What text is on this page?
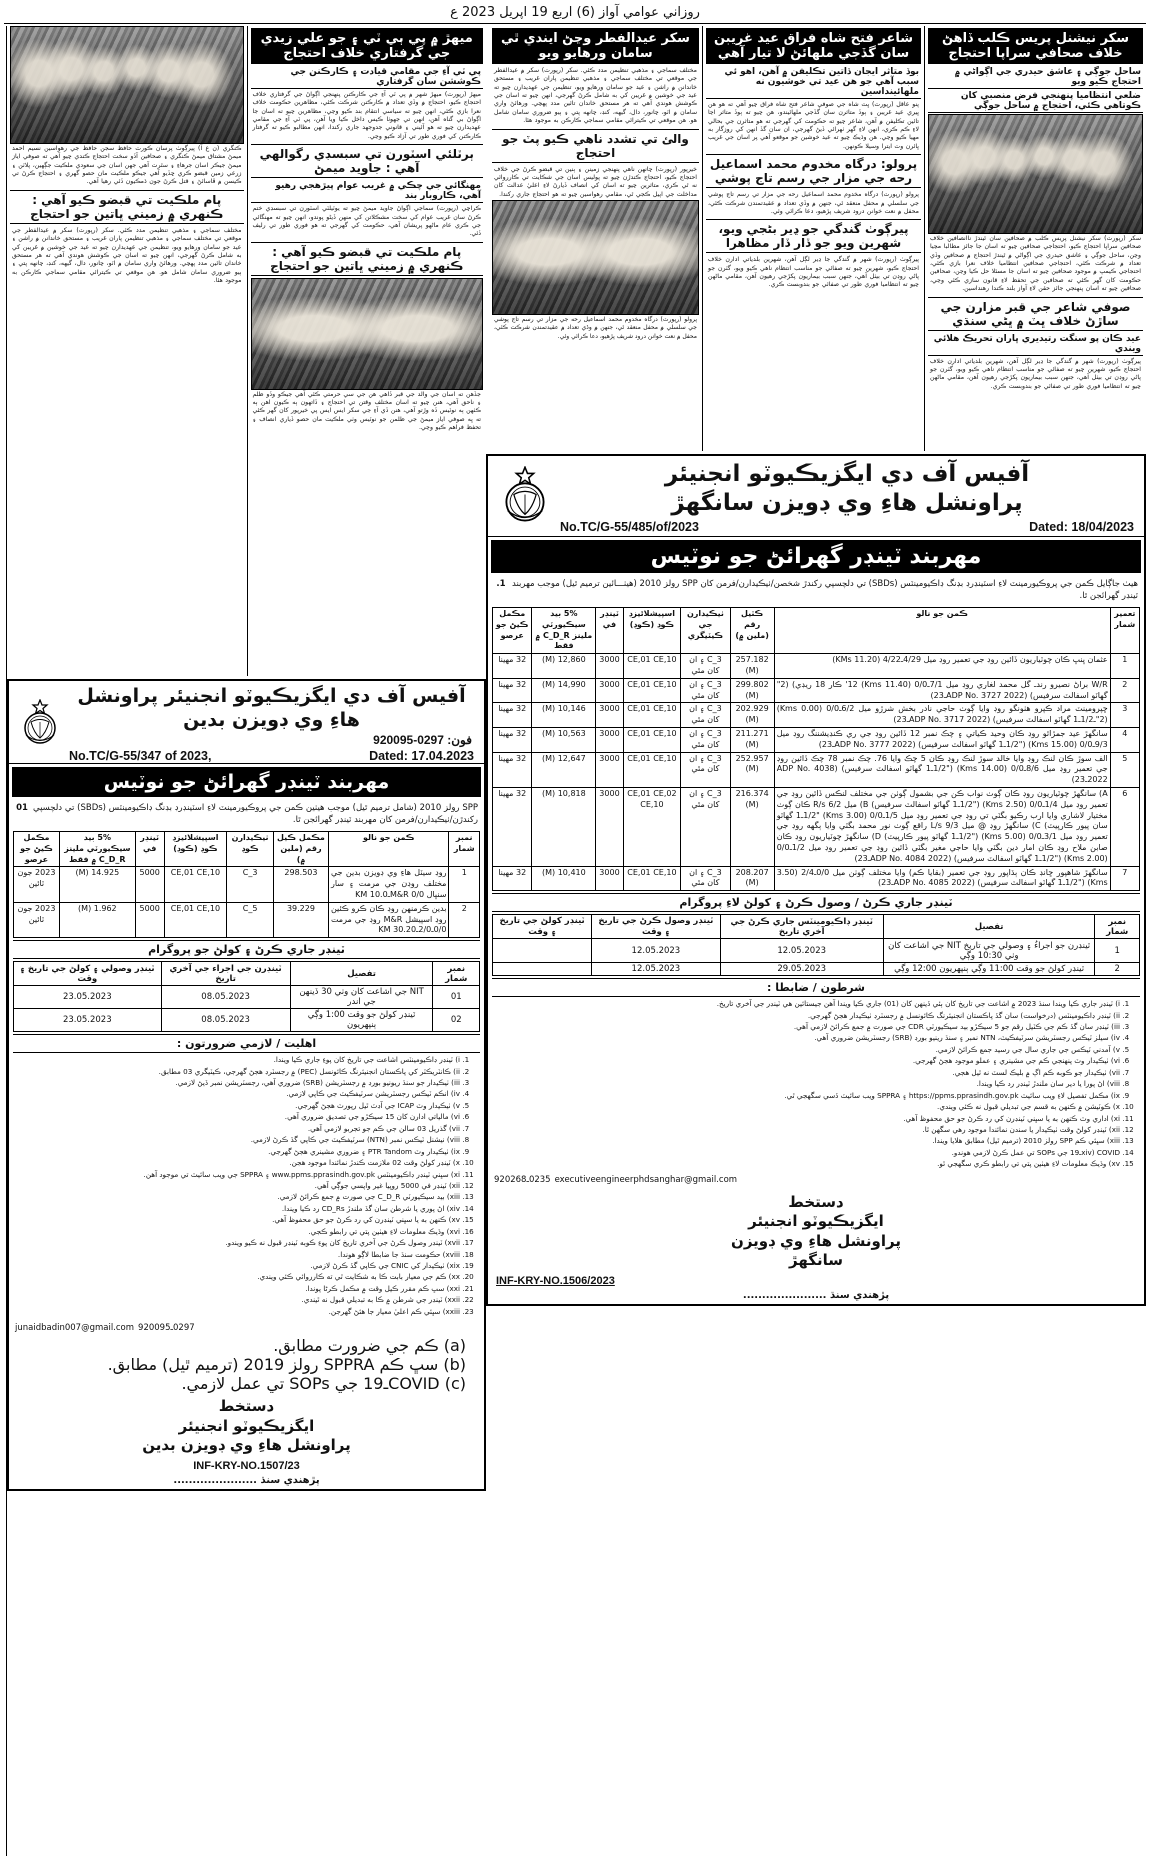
روزاني عوامي آواز (6) اربع 19 اپريل 2023 ع
سکر نيشنل پريس ڪلب ڏاهڻ خلاف صحافي سراپا احتجاج
ساحل جوڳي ۽ عاشق حيدري جي اڳواڻي ۾ احتجاج ڪيو ويو
ضلعي انتظاميا پنهنجي فرض منصبي کان ڪوتاهي ڪئي، احتجاج ۾ ساحل جوڳي
سکر (رپورٽ) سکر نيشنل پريس ڪلب ۾ صحافين سان ٿيندڙ ناانصافين خلاف صحافين سراپا احتجاج ڪيو، احتجاجي صحافين چيو ته اسان جا جائز مطالبا مڃيا وڃن، ساحل جوڳي ۽ عاشق حيدري جي اڳواڻي ۾ ٿيندڙ احتجاج ۾ صحافين وڏي تعداد ۾ شرڪت ڪئي، احتجاجي صحافين انتظاميا خلاف نعرا بازي ڪئي، احتجاجي ڪيمپ ۾ موجود صحافين چيو ته اسان جا مسئلا حل ڪيا وڃن، صحافين حڪومت کان گهر ڪئي ته صحافين جي تحفظ لاءِ قانون سازي ڪئي وڃي، صحافين چيو ته اسان پنهنجي جائز حقن لاءِ آواز بلند ڪندا رهنداسين.
صوفي شاعر جي قبر مزارن جي ساڙڻ خلاف ڀٽ ۾ ڀڻي سنڌي
عيد ڪان پو سنگت رتيديري ڀاران تحريڪ هلائي ويندي
پيرڳوٺ (رپورٽ) شهر ۾ گندگي جا ڍير لڳل آهن، شهرين بلدياتي ادارن خلاف احتجاج ڪيو، شهرين چيو ته صفائي جو مناسب انتظام ناهي ڪيو ويو، گٽرن جو پاڻي روڊن تي بيٺل آهي، جنهن سبب بيماريون پکڙجي رهيون آهن، مقامي ماڻهن چيو ته انتظاميا فوري طور تي صفائي جو بندوبست ڪري.
شاعر فتح شاه فراق عيد غريبن سان گڏجي ملهائڻ لا تيار آهي
بوڏ متاثر ايجان ڏاتين تڪليفن ۾ آهن، اهو ئي سبب آهي جو هن عيد تي خوشيون نه ملهائينداسين
پنو عاقل (رپورٽ) ڀٽ شاه جي صوفي شاعر فتح شاه فراق چيو آهي ته هو هن ڀيري عيد غريبن ۽ ٻوڏ متاثرن سان گڏجي ملهائيندو، هن چيو ته ٻوڏ متاثر اڃا تائين تڪليفن ۾ آهن، شاعر چيو ته حڪومت کي گهرجي ته هو متاثرن جي بحالي لاءِ ڪم ڪري، انهن لاءِ گهر ٺهرائي ڏيڻ گهرجي، ان سان گڏ انهن کي روزگار به مهيا ڪيو وڃي. هن وڌيڪ چيو ته عيد خوشين جو موقعو آهي پر اسان جي غريب ڀائرن وٽ ايترا وسيلا ڪونهن.
پرولو: درگاه مخدوم محمد اسماعيل رحه جي مزار جي رسم تاج پوشي
پرولو (رپورٽ) درگاه مخدوم محمد اسماعيل رحه جي مزار تي رسم تاج پوشي جي سلسلي ۾ محفل منعقد ٿي، جنهن ۾ وڏي تعداد ۾ عقيدتمندن شرڪت ڪئي، محفل ۾ نعت خوانن درود شريف پڙهيو، دعا ڪرائي وئي.
پيرڳوٺ گندگي جو ڍير بڻجي ويو، شهرين ويو جو ڏار ڏار مظاهرا
پيرڳوٺ (رپورٽ) شهر ۾ گندگي جا ڍير لڳل آهن، شهرين بلدياتي ادارن خلاف احتجاج ڪيو، شهرين چيو ته صفائي جو مناسب انتظام ناهي ڪيو ويو، گٽرن جو پاڻي روڊن تي بيٺل آهي، جنهن سبب بيماريون پکڙجي رهيون آهن، مقامي ماڻهن چيو ته انتظاميا فوري طور تي صفائي جو بندوبست ڪري.
سکر عيدالفطر وڃڻ ايندي ٿي سامان ورهايو ويو
مختلف سماجي ۽ مذهبي تنظيمن مدد ڪئي. سکر (رپورٽ) سکر ۾ عيدالفطر جي موقعي تي مختلف سماجي ۽ مذهبي تنظيمن پاران غريب ۽ مستحق خاندانن ۾ راشن ۽ عيد جو سامان ورهايو ويو، تنظيمن جي عهديدارن چيو ته عيد جي خوشين ۾ غريبن کي به شامل ڪرڻ گهرجي، انهن چيو ته اسان جي ڪوشش هوندي آهي ته هر مستحق خاندان تائين مدد پهچي. ورهائڻ واري سامان ۾ اٽو، چانور، دال، گيهه، کنڊ، چانهه پتي ۽ ٻيو ضروري سامان شامل هو. هن موقعي تي ڪيترائي مقامي سماجي ڪارڪن به موجود هئا.
والئ تي تشدد ناهي ڪيو پٽ جو احتجاج
خيرپور (رپورٽ) چانهن ناهي پنهنجي زمينن ۽ ٻنين تي قبضو ڪرڻ جي خلاف احتجاج ڪيو، احتجاج ڪندڙن چيو ته پوليس اسان جي شڪايت تي ڪارروائي نه ٿي ڪري، متاثرين چيو ته اسان کي انصاف ڏيارڻ لاءِ اعليٰ عدالت کان مداخلت جي اپيل ڪجي ٿي، مقامي رهواسين چيو ته هو احتجاج جاري رکندا.
پرولو (رپورٽ) درگاه مخدوم محمد اسماعيل رحه جي مزار تي رسم تاج پوشي جي سلسلي ۾ محفل منعقد ٿي، جنهن ۾ وڏي تعداد ۾ عقيدتمندن شرڪت ڪئي، محفل ۾ نعت خوانن درود شريف پڙهيو، دعا ڪرائي وئي.
آفيس آف دي ايگزيڪيوٽو انجنيئر
پراونشل هاءِ وي ڊويزن سانگهڙ
No.TC/G-55/485/of/2023	Dated: 18/04/2023
مهربند ٽينڊر گهرائڻ جو نوٽيس
1. هيٺ جاڳايل ڪمن جي پروڪيورمينٽ لاءِ اسٽينڊرڊ بڊنگ ڊاڪيومينٽس (SBDs) تي دلچسپي رکندڙ شخصن/ٺيڪيدارن/فرمن کان SPP رولز 2010 (ھيٺـــائين ترميم ٿيل) موجب مهربند ٽينڊر گهرائجن ٿا.
تعمير شمار	ڪمن جو نالو	ڪٽيل رقم (ملين ۾)	ٺيڪيدارن جي ڪيٽيگري	اسپيشلائيزڊ ڪوڊ (ڪوڊ)	ٽينڊر في	5% بيد سيڪيورٽي ملينز C_D_R ۾ فقط	مڪمل ڪيڻ جو عرصو
1	عثمان ڀنڀ ڪان چوٽياريون ڏائين روڊ جي تعمير روڊ ميل 4/29ـ4/22 (11.20 KMs)	257.182 (M)	C_3 ۽ ان کان مٿي	CE,01 CE,10	3000	12,860 (M)	32 مهينا
2	W/R براڻ نصيرو رندـ گل محمد لغاري روڊ ميل 7/1ـ0/0 (11.40 Kms) 12' ڪار 18 ريڊي) (2" گهاٽو اسفالٽ سرفيس) (ADP No. 3727 2022ـ23)	299.802 (M)	C_3 ۽ ان کان مٿي	CE,01 CE,10	3000	14,990 (M)	32 مهينا
3	ڇپرومينٽ مراد ڪپرو هٺونگو روڊ وايا ڳوٺ حاجي نادر بخش شرڙو ميل 6/2ـ0/0 (0.00 Kms) (2"ـ1/2ـ1 گهاٽو اسفالٽ سرفيس) (ADP No. 3717 2022ـ23)	202.929 (M)	C_3 ۽ ان کان مٿي	CE,01 CE,10	3000	10,146 (M)	32 مهينا
4	سانگهڙ عيد جمڙائو روڊ ڪان وحيد ڪياتي ۽ چڪ نمبر 12 ڏائين روڊ جي ري ڪنڊيشننگ روڊ ميل 9/3ـ0/0 (15.00 Kms) ("1/2ـ1 گهاٽو اسفالٽ سرفيس) (ADP No. 3777 2022ـ23)	211.271 (M)	C_3 ۽ ان کان مٿي	CE,01 CE,10	3000	10,563 (M)	32 مهينا
5	الف سوڙ ڪان لنڪ روڊ وايا خالد سوڙ لنڪ روڊ ڪان 5 چڪ وايا 76. چڪ نمبر 78 چڪ ڏائين روڊ جي تعمير روڊ ميل 8/6ـ0/0 (14.00 Kms) ("1/2ـ1 گهاٽو اسفالٽ سرفيس) (ADP No. 4038 2022ـ23)	252.957 (M)	C_3 ۽ ان کان مٿي	CE,01 CE,10	3000	12,647 (M)	32 مهينا
6	A) سانگهڙ چوٽياريون روڊ ڪان ڳوٺ نواب ڪن جي بشمول ڳوٺن جي مختلف لنڪس ڏائين روڊ جي تعمير روڊ ميل 1/4ـ0/0 (2.50 Kms) ("1/2ـ1 گهاٽو اسفالٽ سرفيس) B) ميل R/s 6/2 ڪان ڳوٺ مختيار لاشاري وايا ارب رڪيو بگٽي تي روڊ جي تعمير روڊ ميل 1/5ـ0/0 (3.00 Kms) "1/2ـ1 گهاٽو سان پيور ڪارپيٽ) C) سانگهڙ روڊ @ ميل 9/3 L/s راقع ڳوٺ نور محمد بگٽي وايا ٻگهه روڊ جي تعمير روڊ ميل 3/1ـ0/0 (5.00 Kms) ("1/2ـ1 گهاٽو پيور ڪارپيٽ) D) سانگهڙ چوٽياريون روڊ ڪان صابن ملاح روڊ ڪان امار دين بگٽي وايا حاجي مغير بگٽي ڏائين روڊ جي تعمير روڊ ميل 1/2ـ0/0 (2.00 Kms) ("1/2ـ1 گهاٽو اسفالٽ سرفيس) (ADP No. 4084 2022ـ23)	216.374 (M)	C_3 ۽ ان کان مٿي	CE,01 CE,02 CE,10	3000	10,818 (M)	32 مهينا
7	سانگهڙ شاهپور ڇانڊ ڪان ٻڌاپور روڊ جي تعمير (بقايا ڪم) وايا مختلف ڳوٺن ميل 0/0ـ2/4 (3.50 Kms) ("1/2ـ1 گهاٽو اسفالٽ سرفيس) (ADP No. 4085 2022ـ23)	208.207 (M)	C_3 ۽ ان کان مٿي	CE,01 CE,10	3000	10,410 (M)	32 مهينا
ٽينڊر جاري ڪرڻ / وصول ڪرڻ ۽ کولڻ لاءِ پروگرام
نمبر شمار	تفصيل	ٽينڊر ڊاڪيومينٽس جاري ڪرڻ جي آخري تاريخ	ٽينڊر وصول ڪرڻ جي تاريخ ۽ وقت	ٽينڊر کولڻ جي تاريخ ۽ وقت
1	ٽينڊرن جو اجراءُ ۽ وصولي جي تاريخ NIT جي اشاعت کان وٺي 10:30 وڳي	12.05.2023	12.05.2023	
2	ٽينڊر کولڻ جو وقت 11:00 وڳي ٻنپهريون 12:00 وڳي	29.05.2023	12.05.2023	
شرطون / ضابطا :
1. i) ٽينڊر جاري ڪيا ويندا سنڌ 2023 ۾ اشاعت جي تاريخ کان ٻئي ڏينهن کان (01) جاري ڪيا ويندا آهن جيستائين هي ٽينڊر جي آخري تاريخ.
2. ii) ٽينڊر ڊاڪيومينٽس (درخواست) سان گڏ پاڪستان انجنيئرنگ ڪائونسل ۾ رجسٽرڊ ٺيڪيدار هجڻ گهرجي.
3. iii) ٽينڊر سان گڏ ڪم جي ڪٽيل رقم جو 5 سيڪڙو بيد سيڪيورٽي CDR جي صورت ۾ جمع ڪرائڻ لازمي آهي.
4. iv) سيلز ٽيڪس رجسٽريشن سرٽيفڪيٽ، NTN نمبر ۽ سنڌ رينيو بورڊ (SRB) رجسٽريشن ضروري آهي.
5. v) آمدني ٽيڪس جي جاري سال جي رسيد جمع ڪرائڻ لازمي.
6. vi) ٺيڪيدار وٽ پنهنجي ڪم جي مشينري ۽ عملو موجود هجڻ گهرجي.
7. vii) ٺيڪيدار جو ڪوبه ڪم اڳ ۾ بليڪ لسٽ نه ٿيل هجي.
8. viii) اڻ پورا يا دير سان ملندڙ ٽينڊر رد ڪيا ويندا.
9. ix) مڪمل تفصيل لاءِ ويب سائيٽ https://ppms.pprasindh.gov.pk ۽ SPPRA ويب سائيٽ ڏسي سگهجي ٿي.
10. x) ڪوٽيشن ۾ ڪنهن به قسم جي تبديلي قبول نه ڪئي ويندي.
11. xi) اداري وٽ ڪنهن به يا سڀني ٽينڊرن کي رد ڪرڻ جو حق محفوظ آهي.
12. xii) ٽينڊر کولڻ وقت ٺيڪيدار يا سندن نمائندا موجود رهي سگهن ٿا.
13. xiii) سڀئي ڪم SPP رولز 2010 (ترميم ٿيل) مطابق هلايا ويندا.
14. xiv) COVIDـ19 جي SOPs تي عمل ڪرڻ لازمي هوندو.
15. xv) وڌيڪ معلومات لاءِ هيٺين پتي تي رابطو ڪري سگهجي ٿو.
0235ـ920268 executiveengineerphdsanghar@gmail.com
دستخط
ايگزيڪيوٽو انجنيئر
پراونشل هاءِ وي ڊويزن
سانگهڙ
INF-KRY-NO.1506/2023
پڙهندي سنڌ ......................
ميهڙ ۾ پي ٻي ٽي ۽ جو علي زيدي جي گرفتاري خلاف احتجاج
پي ٽي آءِ جي مقامي قيادت ۽ ڪارڪنن جي ڪوششن سان گرفتاري
ميهڙ (رپورٽ) ميهڙ شهر ۾ پي ٽي آءِ جي ڪارڪنن پنهنجي اڳواڻ جي گرفتاري خلاف احتجاج ڪيو، احتجاج ۾ وڏي تعداد ۾ ڪارڪنن شرڪت ڪئي، مظاهرين حڪومت خلاف نعرا بازي ڪئي، انهن چيو ته سياسي انتقام بند ڪيو وڃي، مظاهرين چيو ته اسان جا اڳواڻ بي گناه آهن، انهن تي جهوٺا ڪيس داخل ڪيا ويا آهن، پي ٽي آءِ جي مقامي عهديدارن چيو ته هو آئيني ۽ قانوني جدوجهد جاري رکندا، انهن مطالبو ڪيو ته گرفتار ڪارڪنن کي فوري طور تي آزاد ڪيو وڃي.
ٻرٽلئي اسٽورن تي سبسڊي رگوالهي آهي : جاويد ميمڻ
مهنگائي جي چڪي ۾ غريب عوام پيڙهجي رهيو آهي، ڪاروبار بند
ڪراچي (رپورٽ) سماجي اڳواڻ جاويد ميمڻ چيو ته يوٽيلٽي اسٽورن تي سبسڊي ختم ڪرڻ سان غريب عوام کي سخت مشڪلاتن کي منهن ڏيڻو پوندو، انهن چيو ته مهنگائي جي ڪري عام ماڻهو پريشان آهي، حڪومت کي گهرجي ته هو فوري طور تي رليف ڏئي.
پام ملڪيت تي قبضو ڪيو آهي : ڪنهري ۾ زميني ڀاتين جو احتجاج
جڏهن ته اسان جي والد جي قبر ڏاهي هن جي سي حرمتي ڪئي آهي جيڪو وڏو ظلم ۽ ناحق آهي، هنن چيو ته اسان مختلف وقتن تي احتجاج ۽ ڏاتهون ٻه ڪيون اهن ٻه ڪٺهن ٻه نوٽيس ڏه وڙتو آهي، هنن ڏي آءِ جي سکر ايس ايس پي خيرپور کان گهر ڪئي ته ڀه صوفي اياز ميمڻ جي ظلمن جو نوٽيس وٺي ملڪيت مان حصو ڏياري انصاف ۽ تحفظ فراهم ڪيو وڃي.
ڪنگري (ن ع آ) پيرڳوٺ پرسان ڪورٽ حافظ سجن حافظ جي رهواسين نسيم احمد ميمڻ مشتاق ميمڻ ڪنگري ۽ صحافين آڏو سخت احتجاج ڪندي چيو آهي ته صوفي اياز ميمڻ جيڪر اسان جرهاءِ ۽ سٿرت آهي جهن اسان جي سعودي ملڪيت جڳهين، پلاٽن ۽ زرعي زمين قبضو ڪري ڇڏيو آهي جيڪو ملڪيت مان حصو گهري ۽ احتجاج ڪرڻ تي ڪيسن ۾ ڦاسائڻ ۽ قتل ڪرڻ جون ڌمڪيون ڏئي رهيا آهي.
پام ملڪيت تي قبضو ڪيو آهي : ڪنهري ۾ زميني ڀاتين جو احتجاج
مختلف سماجي ۽ مذهبي تنظيمن مدد ڪئي. سکر (رپورٽ) سکر ۾ عيدالفطر جي موقعي تي مختلف سماجي ۽ مذهبي تنظيمن پاران غريب ۽ مستحق خاندانن ۾ راشن ۽ عيد جو سامان ورهايو ويو، تنظيمن جي عهديدارن چيو ته عيد جي خوشين ۾ غريبن کي به شامل ڪرڻ گهرجي، انهن چيو ته اسان جي ڪوشش هوندي آهي ته هر مستحق خاندان تائين مدد پهچي. ورهائڻ واري سامان ۾ اٽو، چانور، دال، گيهه، کنڊ، چانهه پتي ۽ ٻيو ضروري سامان شامل هو. هن موقعي تي ڪيترائي مقامي سماجي ڪارڪن به موجود هئا.
آفيس آف دي ايگزيڪيوٽو انجنيئر پراونشل هاءِ وي ڊويزن بدين
فون: 0297-920095
No.TC/G-55/347 of 2023,	Dated: 17.04.2023
مهربند ٽينڊر گهرائڻ جو نوٽيس
01 SPP رولز 2010 (شامل ترميم ٿيل) موجب هيٺين ڪمن جي پروڪيورمينٽ لاءِ اسٽينڊرڊ بڊنگ ڊاڪيومينٽس (SBDs) تي دلچسپي رکندڙن/ٺيڪيدارن/فرمن کان مهربند ٽينڊر گهرائجن ٿا.
نمبر شمار	ڪمن جو نالو	مڪمل ڪيل رقم (ملين ۾)	ٺيڪيدارن ڪوڊ	اسپيشلائيزڊ ڪوڊ (ڪوڊ)	ٽينڊر في	5% بيد سيڪيورٽي ملينز C_D_R ۾ فقط	مڪمل ڪيڻ جو عرصو
1	روڊ سيٽل هاءِ وي ڊويزن بدين جي مختلف روڊن جي مرمت ۽ سار سنڀال M&R 0/0ـ10.0 KM	298.503	C_3	CE,01 CE,10	5000	14.925 (M)	2023 جون ٽائين
2	بدين ڪرمنهن روڊ ڪان ڪرو ڪئين روڊ اسپيشل M&R روڊ جي مرمت 0/0ـ2/0ـ30.20 KM	39.229	C_5	CE,01 CE,10	5000	1.962 (M)	2023 جون ٽائين
ٽينڊر جاري ڪرڻ ۽ کولڻ جو پروگرام
نمبر شمار	تفصيل	ٽينڊرن جي اجراء جي آخري تاريخ	ٽينڊر وصولي ۽ کولڻ جي تاريخ ۽ وقت
01	NIT جي اشاعت کان وٺي 30 ڏينهن جي اندر	08.05.2023	23.05.2023
02	ٽينڊر کولڻ جو وقت 1:00 وڳي ٻنپهريون	08.05.2023	23.05.2023
اهليت / لازمي ضرورتون :
1. i) ٽينڊر ڊاڪيومينٽس اشاعت جي تاريخ کان پوءِ جاري ڪيا ويندا.
2. ii) ڪانٽريڪٽر کي پاڪستان انجنيئرنگ ڪائونسل (PEC) ۾ رجسٽرڊ هجڻ گهرجي، ڪيٽيگري 03 مطابق.
3. iii) ٺيڪيدار جو سنڌ ريونيو بورڊ ۾ رجسٽريشن (SRB) ضروري آهي، رجسٽريشن نمبر ڏيڻ لازمي.
4. iv) انڪم ٽيڪس رجسٽريشن سرٽيفڪيٽ جي ڪاپي لازمي.
5. v) ٺيڪيدار وٽ ICAP جي آڊٽ ٿيل رپورٽ هجڻ گهرجي.
6. vi) مالياتي ادارن کان 15 سيڪڙو جي تصديق ضروري آهي.
7. vii) گذريل 03 سالن جي ڪم جو تجربو لازمي آهي.
8. viii) نيشنل ٽيڪس نمبر (NTN) سرٽيفڪيٽ جي ڪاپي گڏ ڪرڻ لازمي.
9. ix) ٺيڪيدار وٽ PTR Tandom ۽ ضروري مشينري هجڻ گهرجي.
10. x) ٽينڊر کولڻ وقت 02 ملازمت ڪندڙ نمائندا موجود هجن.
11. xi) سڀني ٽينڊر ڊاڪيومينٽس www.ppms.pprasindh.gov.pk ۽ SPPRA جي ويب سائيٽ تي موجود آهن.
12. xii) ٽينڊر في 5000 روپيا غير واپسي جوڳي آهي.
13. xiii) بيد سيڪيورٽي C_D_R جي صورت ۾ جمع ڪرائڻ لازمي.
14. xiv) اڻ پوري يا شرطن سان گڏ ملندڙ CD_Rs رد ڪيا ويندا.
15. xv) ڪنهن به يا سڀني ٽينڊرن کي رد ڪرڻ جو حق محفوظ آهي.
16. xvi) وڌيڪ معلومات لاءِ هيٺين پتي تي رابطو ڪجي.
17. xvii) ٽينڊر وصول ڪرڻ جي آخري تاريخ کان پوءِ ڪوبه ٽينڊر قبول نه ڪيو ويندو.
18. xviii) حڪومت سنڌ جا ضابطا لاڳو هوندا.
19. xix) ٺيڪيدار کي CNIC جي ڪاپي گڏ ڪرڻ لازمي.
20. xx) ڪم جي معيار بابت ڪا به شڪايت ٿي ته ڪارروائي ڪئي ويندي.
21. xxi) سڀ ڪم مقرر ڪيل وقت ۾ مڪمل ڪرڻا پوندا.
22. xxii) ٽينڊر جي شرطن ۾ ڪا به تبديلي قبول نه ٿيندي.
23. xxiii) سڀئي ڪم اعليٰ معيار جا هئڻ گهرجن.
junaidbadin007@gmail.com 0297ـ920095
(a) ڪم جي ضرورت مطابق.
(b) سڀ ڪم SPPRA رولز 2019 (ترميم ٿيل) مطابق.
(c) COVIDـ19 جي SOPs تي عمل لازمي.
دستخط
ايگزيڪيوٽو انجنيئر
پراونشل هاءِ وي ڊويزن بدين
INF-KRY-NO.1507/23
پڙهندي سنڌ ......................
